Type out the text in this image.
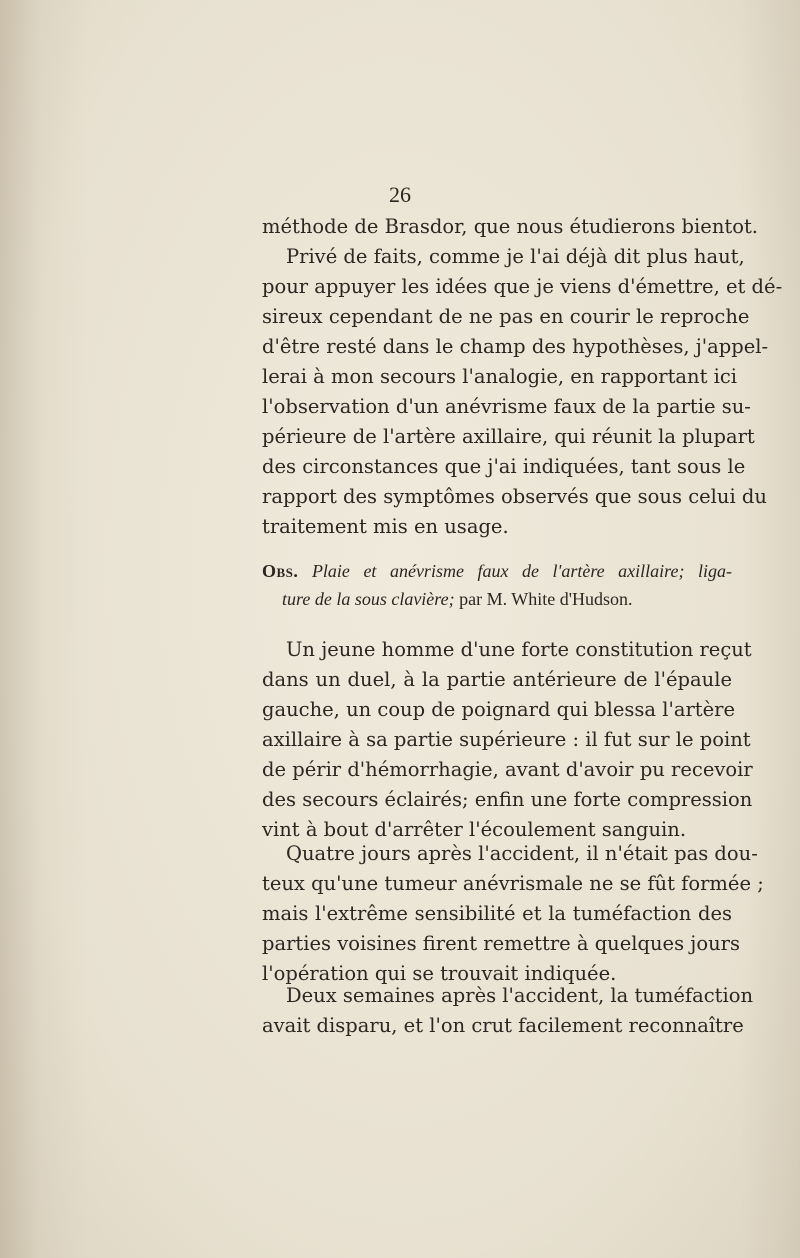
26
méthode de Brasdor, que nous étudierons bientot.
Privé de faits, comme je l'ai déjà dit plus haut,
pour appuyer les idées que je viens d'émettre, et dé-
sireux cependant de ne pas en courir le reproche
d'être resté dans le champ des hypothèses, j'appel-
lerai à mon secours l'analogie, en rapportant ici
l'observation d'un anévrisme faux de la partie su-
périeure de l'artère axillaire, qui réunit la plupart
des circonstances que j'ai indiquées, tant sous le
rapport des symptômes observés que sous celui du
traitement mis en usage.
Obs. Plaie et anévrisme faux de l'artère axillaire; liga-
ture de la sous clavière; par M. White d'Hudson.
Un jeune homme d'une forte constitution reçut
dans un duel, à la partie antérieure de l'épaule
gauche, un coup de poignard qui blessa l'artère
axillaire à sa partie supérieure : il fut sur le point
de périr d'hémorrhagie, avant d'avoir pu recevoir
des secours éclairés; enfin une forte compression
vint à bout d'arrêter l'écoulement sanguin.
Quatre jours après l'accident, il n'était pas dou-
teux qu'une tumeur anévrismale ne se fût formée ;
mais l'extrême sensibilité et la tuméfaction des
parties voisines firent remettre à quelques jours
l'opération qui se trouvait indiquée.
Deux semaines après l'accident, la tuméfaction
avait disparu, et l'on crut facilement reconnaître
